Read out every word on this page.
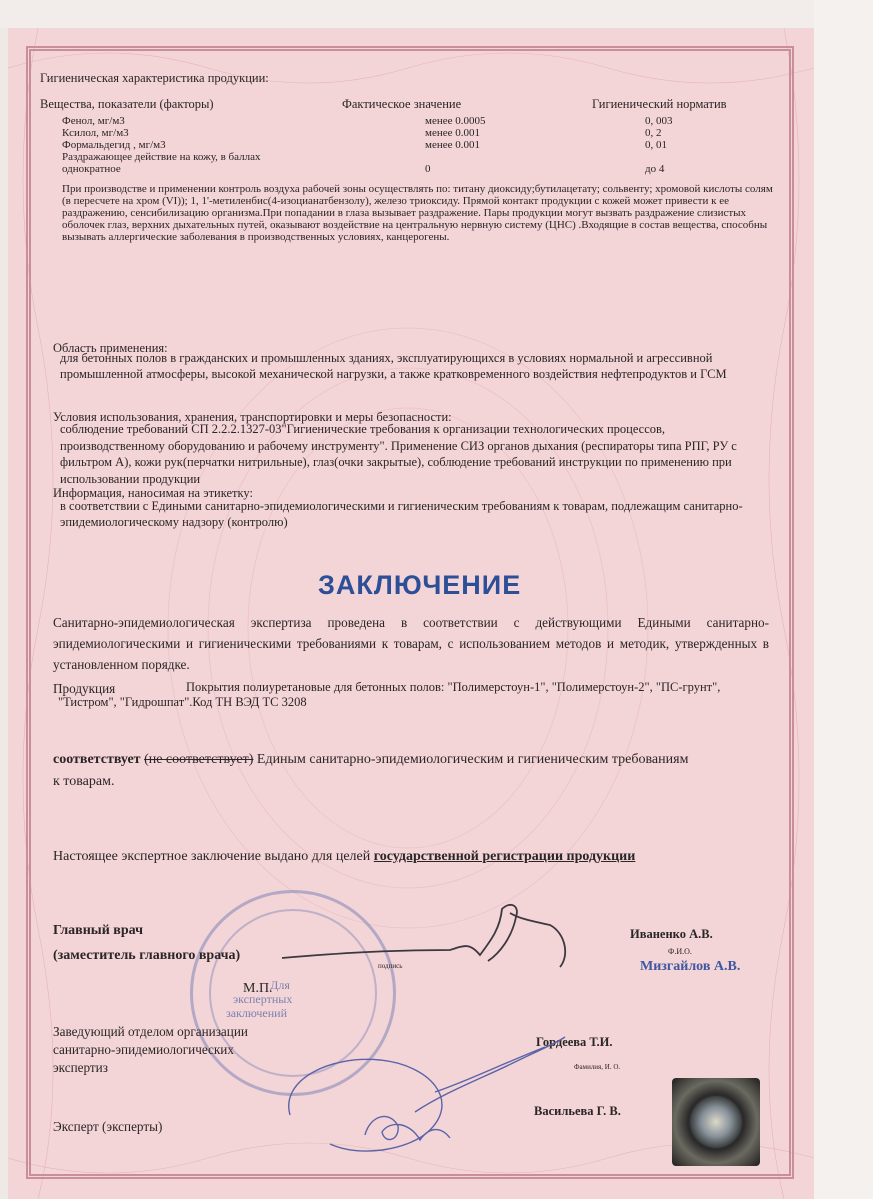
Гигиеническая характеристика продукции:
Вещества, показатели (факторы)	Фактическое значение	Гигиенический норматив
Фенол, мг/м3	менее 0.0005	0, 003
Ксилол, мг/м3	менее 0.001	0, 2
Формальдегид , мг/м3	менее 0.001	0, 01
Раздражающее действие на кожу, в баллах
однократное	0	до 4
При производстве и применении контроль воздуха рабочей зоны осуществлять по: титану диоксиду;бутилацетату; сольвенту; хромовой кислоты солям (в пересчете на хром (VI)); 1, 1'-метиленбис(4-изоцианатбензолу), железо триоксиду. Прямой контакт продукции с кожей может привести к ее раздражению, сенсибилизацию организма.При попадании в глаза вызывает раздражение. Пары продукции могут вызвать раздражение слизистых оболочек глаз, верхних дыхательных путей, оказывают воздействие на центральную нервную систему (ЦНС) .Входящие в состав вещества, способны вызывать аллергические заболевания в производственных условиях, канцерогены.
Область применения:
для бетонных полов в гражданских и промышленных зданиях, эксплуатирующихся в условиях нормальной и агрессивной промышленной атмосферы, высокой механической нагрузки, а также кратковременного воздействия нефтепродуктов и ГСМ
Условия использования, хранения, транспортировки и меры безопасности:
соблюдение требований СП 2.2.2.1327-03"Гигиенические требования к организации технологических процессов, производственному оборудованию и рабочему инструменту". Применение СИЗ органов дыхания (респираторы типа РПГ, РУ с фильтром А), кожи рук(перчатки нитрильные), глаз(очки закрытые), соблюдение требований инструкции по применению при использовании продукции
Информация, наносимая на этикетку:
в соответствии с Едиными санитарно-эпидемиологическими и гигиеническим требованиям к товарам, подлежащим санитарно-эпидемиологическому надзору (контролю)
ЗАКЛЮЧЕНИЕ
Санитарно-эпидемиологическая экспертиза проведена в соответствии с действующими Едиными санитарно-эпидемиологическими и гигиеническими требованиями к товарам, с использованием методов и методик, утвержденных в установленном порядке.
Продукция	Покрытия полиуретановые для бетонных полов: "Полимерстоун-1", "Полимерстоун-2", "ПС-грунт",
"Тистром", "Гидрошпат".Код ТН ВЭД ТС 3208
соответствует (не соответствует) Единым санитарно-эпидемиологическим и гигиеническим требованиям
к товарам.
Настоящее экспертное заключение выдано для целей государственной регистрации продукции
Для
экспертных
заключений
Главный врач
(заместитель главного врача)
подпись
М.П.
Иваненко А.В.
Ф.И.О.
Мизгайлов А.В.
Заведующий отделом организации
санитарно-эпидемиологических
экспертиз
Гордеева Т.И.
Фамилия, И. О.
Эксперт (эксперты)
Васильева Г. В.
